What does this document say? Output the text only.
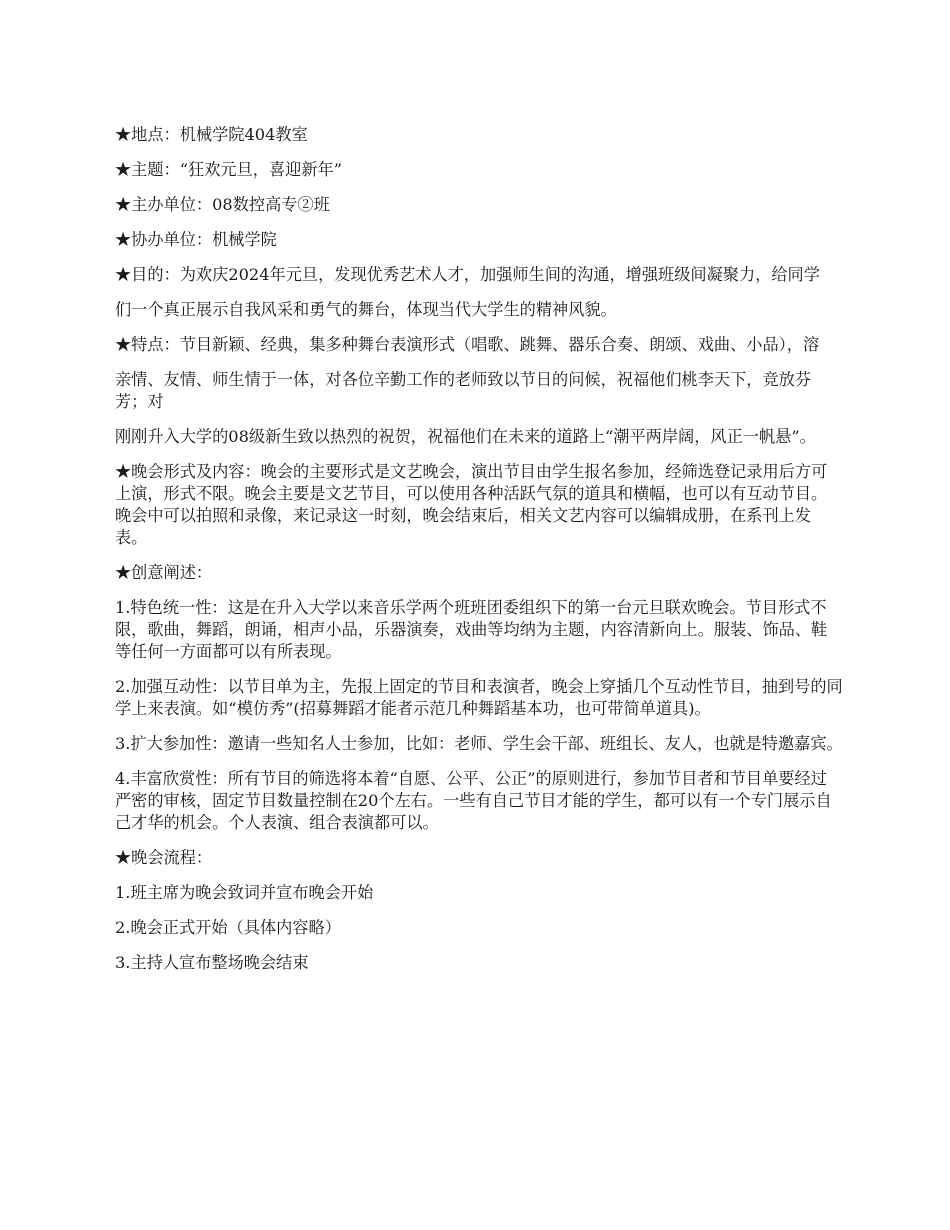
★地点：机械学院404教室

★主题：“狂欢元旦，喜迎新年”

★主办单位：08数控高专②班

★协办单位：机械学院

★目的：为欢庆2024年元旦，发现优秀艺术人才，加强师生间的沟通，增强班级间凝聚力，给同学

们一个真正展示自我风采和勇气的舞台，体现当代大学生的精神风貌。

★特点：节目新颖、经典，集多种舞台表演形式（唱歌、跳舞、器乐合奏、朗颂、戏曲、小品），溶

亲情、友情、师生情于一体，对各位辛勤工作的老师致以节日的问候，祝福他们桃李天下，竞放芬芳；对

刚刚升入大学的08级新生致以热烈的祝贺，祝福他们在未来的道路上“潮平两岸阔，风正一帆悬”。

★晚会形式及内容：晚会的主要形式是文艺晚会，演出节目由学生报名参加，经筛选登记录用后方可上演，形式不限。晚会主要是文艺节目，可以使用各种活跃气氛的道具和横幅，也可以有互动节目。晚会中可以拍照和录像，来记录这一时刻，晚会结束后，相关文艺内容可以编辑成册，在系刊上发表。

★创意阐述：

1.特色统一性：这是在升入大学以来音乐学两个班班团委组织下的第一台元旦联欢晚会。节目形式不限，歌曲，舞蹈，朗诵，相声小品，乐器演奏，戏曲等均纳为主题，内容清新向上。服装、饰品、鞋等任何一方面都可以有所表现。

2.加强互动性：以节目单为主，先报上固定的节目和表演者，晚会上穿插几个互动性节目，抽到号的同学上来表演。如“模仿秀”(招募舞蹈才能者示范几种舞蹈基本功，也可带简单道具)。

3.扩大参加性：邀请一些知名人士参加，比如：老师、学生会干部、班组长、友人，也就是特邀嘉宾。

4.丰富欣赏性：所有节目的筛选将本着“自愿、公平、公正”的原则进行，参加节目者和节目单要经过严密的审核，固定节目数量控制在20个左右。一些有自己节目才能的学生，都可以有一个专门展示自己才华的机会。个人表演、组合表演都可以。

★晚会流程：

1.班主席为晚会致词并宣布晚会开始

2.晚会正式开始（具体内容略）

3.主持人宣布整场晚会结束
